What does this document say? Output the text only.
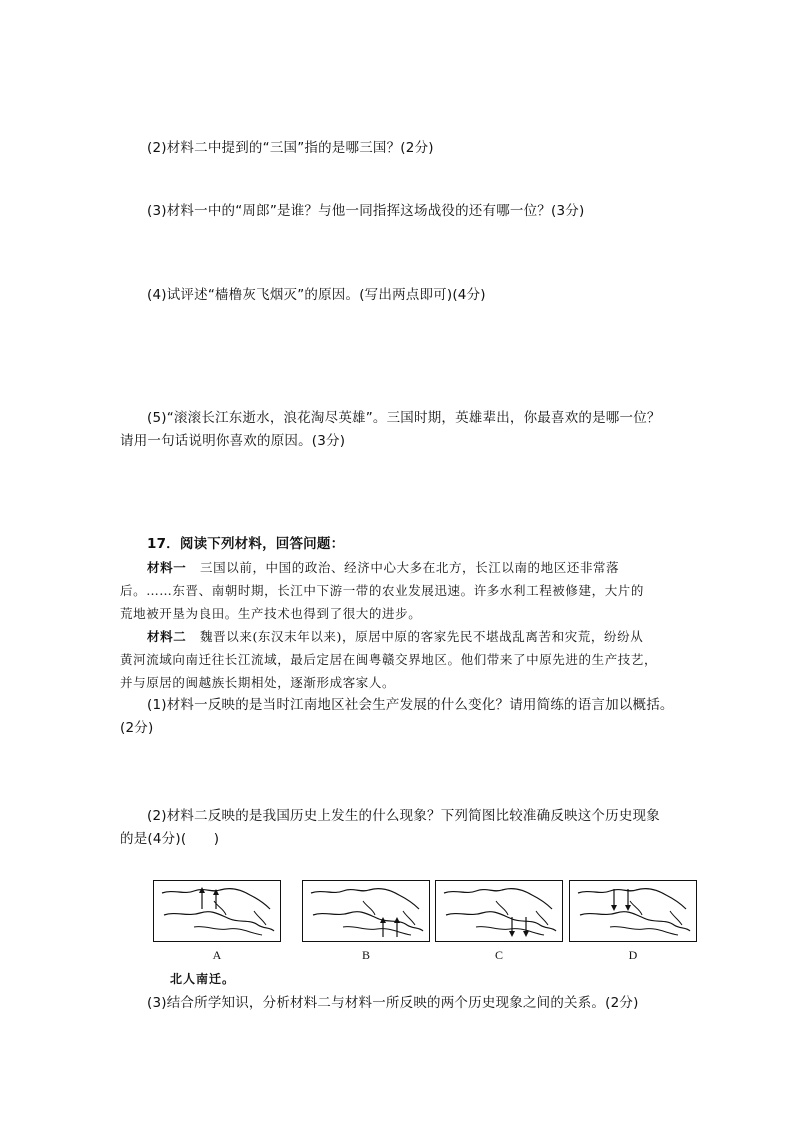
(2)材料二中提到的“三国”指的是哪三国？(2分)
(3)材料一中的“周郎”是谁？与他一同指挥这场战役的还有哪一位？(3分)
(4)试评述“樯橹灰飞烟灭”的原因。(写出两点即可)(4分)
(5)“滚滚长江东逝水，浪花淘尽英雄”。三国时期，英雄辈出，你最喜欢的是哪一位？
请用一句话说明你喜欢的原因。(3分)
17．阅读下列材料，回答问题：
材料一 三国以前，中国的政治、经济中心大多在北方，长江以南的地区还非常落
后。……东晋、南朝时期，长江中下游一带的农业发展迅速。许多水利工程被修建，大片的
荒地被开垦为良田。生产技术也得到了很大的进步。
材料二 魏晋以来(东汉末年以来)，原居中原的客家先民不堪战乱离苦和灾荒，纷纷从
黄河流域向南迁往长江流域，最后定居在闽粤赣交界地区。他们带来了中原先进的生产技艺，
并与原居的闽越族长期相处，逐渐形成客家人。
(1)材料一反映的是当时江南地区社会生产发展的什么变化？请用简练的语言加以概括。
(2分)
(2)材料二反映的是我国历史上发生的什么现象？下列简图比较准确反映这个历史现象
的是(4分)(　　)
A	B	C	D
北人南迁。
(3)结合所学知识，分析材料二与材料一所反映的两个历史现象之间的关系。(2分)
